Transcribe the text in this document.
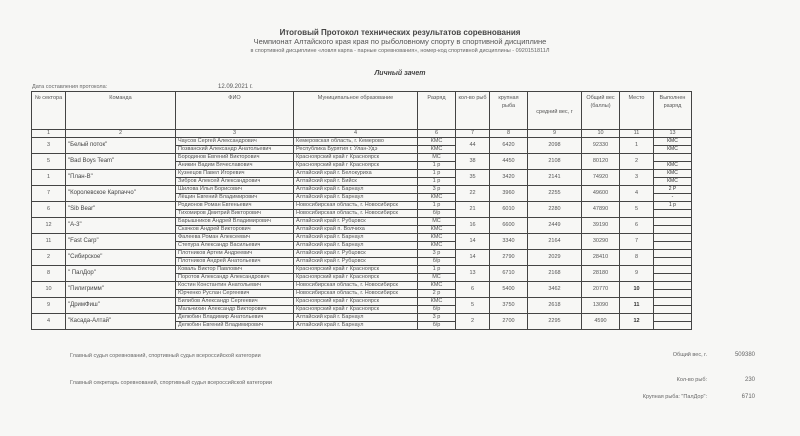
Итоговый Протокол технических результатов соревнования
Чемпионат Алтайского края края по рыболовному спорту в спортивной дисциплине
в спортивной дисциплине «ловля карпа - парные соревнования», номер-код спортивной дисциплины - 0920151811Л
Личный зачет
Дата составления протокола:	12.09.2021 г.
№ сектора	Команда	ФИО	Муниципальное образование	Разряд	кол-во рыб	крупная рыба	средний вес, г	Общий вес (баллы)	Место	Выполнен разряд
1	2	3	4	6	7	8	9	10	11	13
3	"Белый поток"	Чаусов Сергей Александрович	Кемеровская область, г. Кемерово	КМС	44	6420	2098	92330	1	КМС
		Позванский Александр Анатольевич	Республика Бурятия г. Улан-Удэ	КМС						КМС
5	"Bad Boys Team"	Бородинов Евгений Викторович	Красноярский край г Красноярск	МС	38	4450	2108	80120	2	
		Аникин Вадим Вячеславович	Красноярский край г Красноярск	1 р						КМС
1	"План-В"	Кузнецов Павел Игоревич	Алтайский край г. Белокуриха	1 р	35	3420	2141	74920	3	КМС
		Зибров Алексей Александрович	Алтайский край г. Бийск	1 р						КМС
7	"Королевское Карпаччо"	Шилова Илья Борисович	Алтайский край г. Барнаул	3 р	22	3960	2255	49600	4	2 Р
		Лёщин Евгений Владимирович	Алтайский край г. Барнаул	КМС						-
6	"Sib Bear"	Родионов Роман Евгеньевич	Новосибирская область, г. Новосибирск	1 р	21	6010	2280	47890	5	1 р
		Тихомиров Дмитрий Викторович	Новосибирская область, г. Новосибирск	б/р						
12	"А-3"	Барышников Андрей Владимирович	Алтайский край г. Рубцовск	МС	16	6600	2449	39190	6	
		Скачков Андрей Викторович	Алтайский край п. Волчиха	КМС						
11	"Fast Carp"	Фалеева Роман Алексеевич	Алтайский край г. Барнаул	КМС	14	3340	2164	30290	7	
		Степура Александр Васильевич	Алтайский край г. Барнаул	КМС						
2	"Сибирское"	Плотников Артем Андреевич	Алтайский край г. Рубцовск	3 р	14	2790	2029	28410	8	
		Плотников Андрей Анатольевич	Алтайский край г. Рубцовск	б/р						
8	" ПалДор"	Коваль Виктор Павлович	Красноярский край г Красноярск	1 р	13	6710	2168	28180	9	
		Поротов Александр Александрович	Красноярский край г Красноярск	МС						
10	"Пилигримм"	Костин Константин Анатольевич	Новосибирская область, г. Новосибирск	КМС	6	5400	3462	20770	10	
		Юрченко Руслан Сергеевич	Новосибирская область, г. Новосибирск	2 р						
9	"ДримФиш"	Билибов Александр Сергеевич	Красноярский край г Красноярск	КМС	5	3750	2618	13090	11	
		Мальчихин Александр Викторович	Красноярский край г Красноярск	б/р						
4	"Касада-Алтай"	Делюбин Владимир Анатольевич	Алтайский край г. Барнаул	3 р	2	2700	2295	4590	12	
		Делюбин Евгений Владимирович	Алтайский край г. Барнаул	б/р						
Главный судья соревнований, спортивный судья всероссийской категории
Главный секретарь соревнований, спортивный судья всероссийской категории
Общий вес, г.	509380
Кол-во рыб:	230
Крупная рыба: "ПалДор":	6710
